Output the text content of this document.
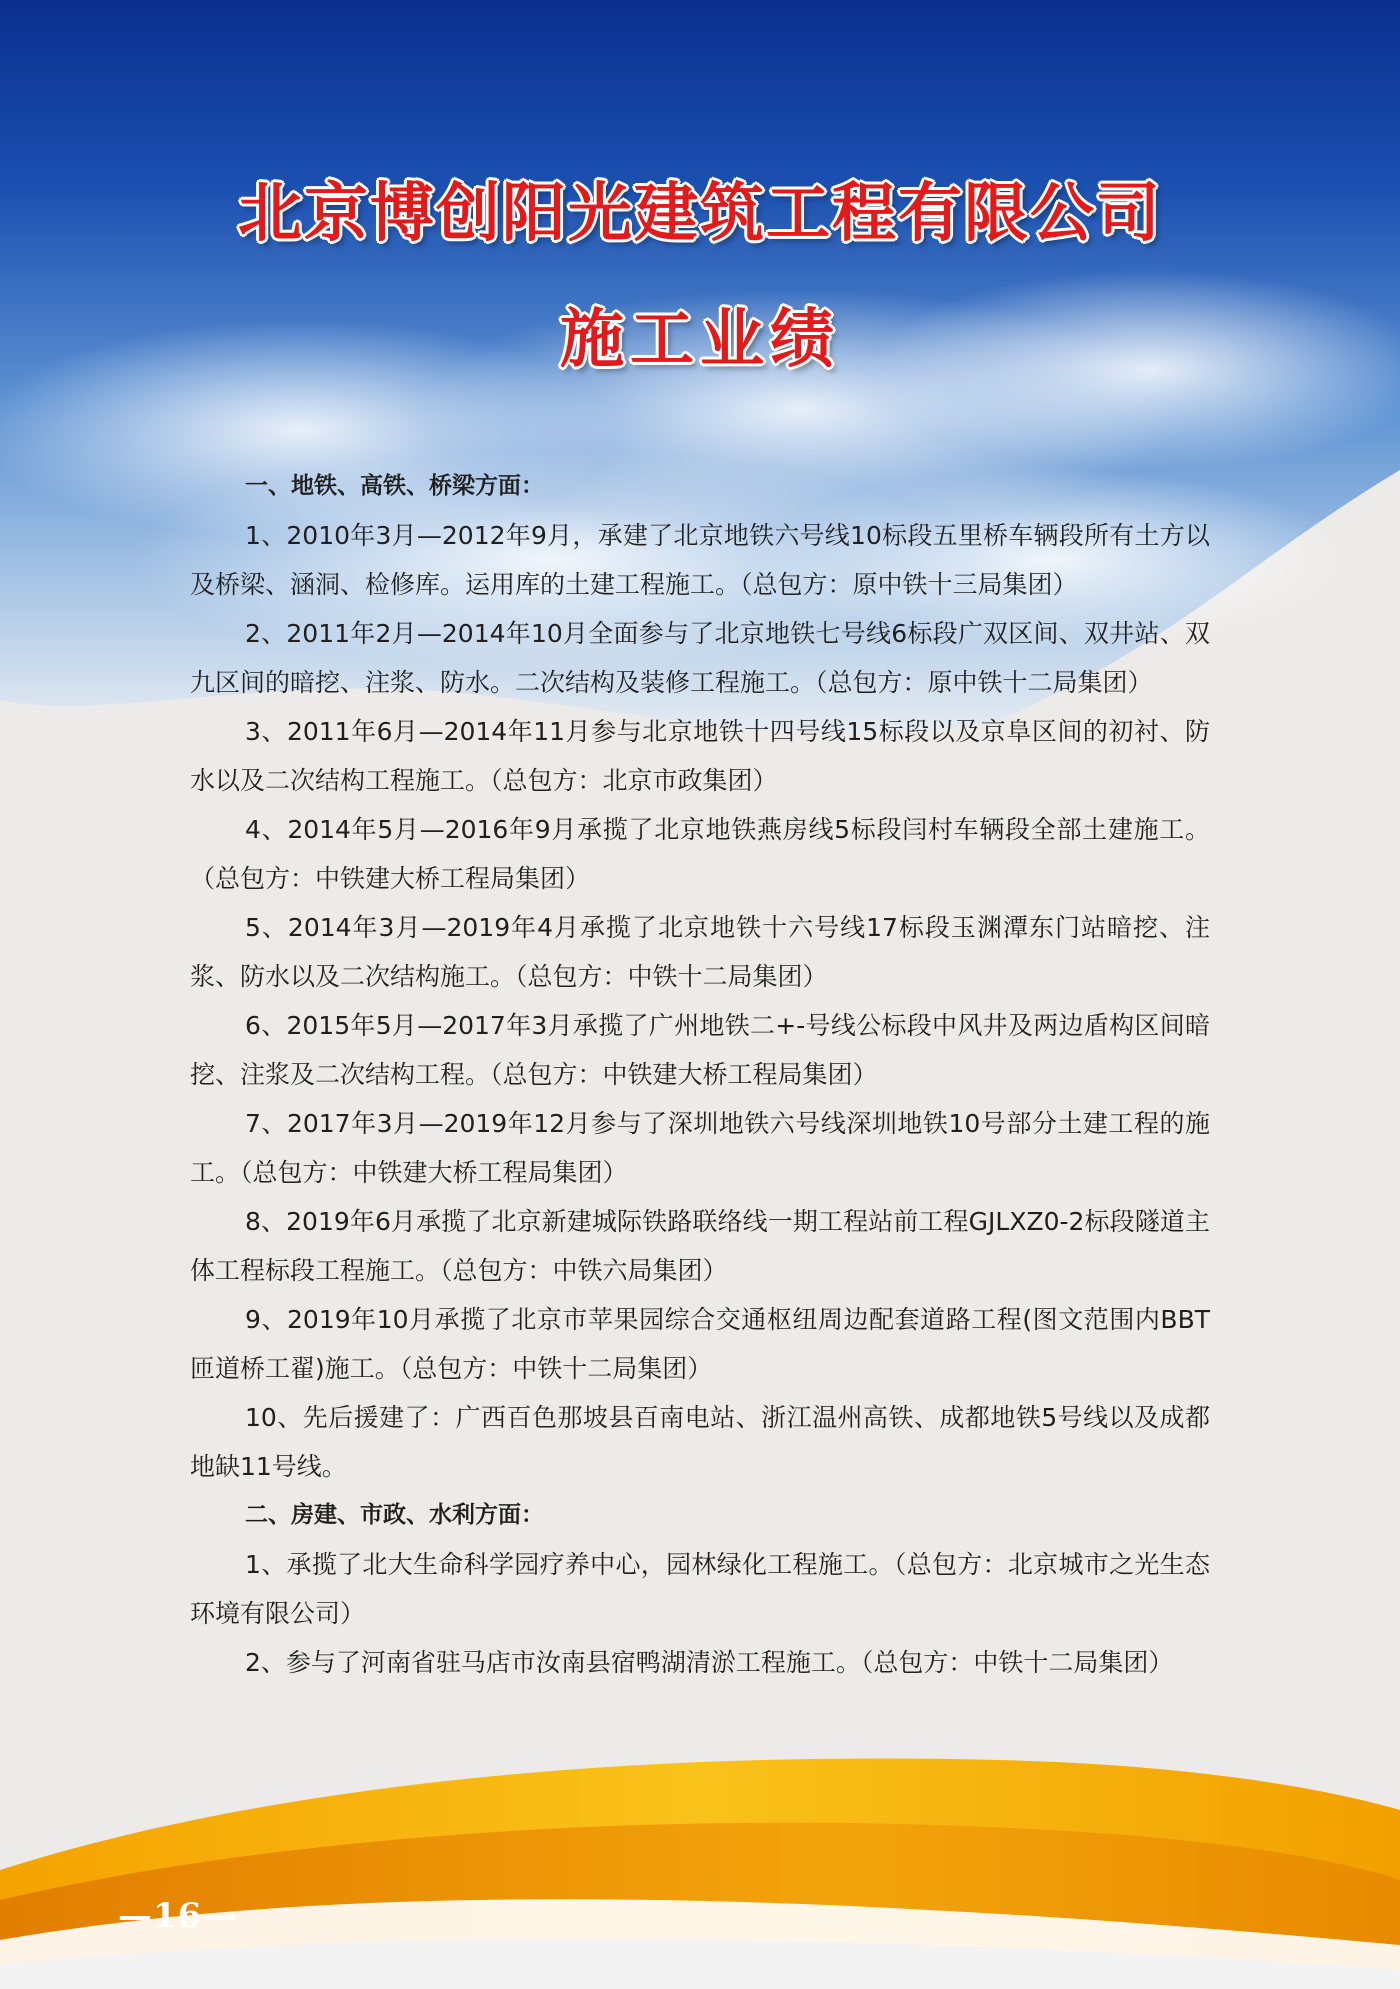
北京博创阳光建筑工程有限公司
施工业绩

一、地铁、高铁、桥梁方面：

1、2010年3月—2012年9月，承建了北京地铁六号线10标段五里桥车辆段所有土方以及桥梁、涵洞、检修库。运用库的土建工程施工。（总包方：原中铁十三局集团）

2、2011年2月—2014年10月全面参与了北京地铁七号线6标段广双区间、双井站、双九区间的暗挖、注浆、防水。二次结构及装修工程施工。（总包方：原中铁十二局集团）

3、2011年6月—2014年11月参与北京地铁十四号线15标段以及京阜区间的初衬、防水以及二次结构工程施工。（总包方：北京市政集团）

4、2014年5月—2016年9月承揽了北京地铁燕房线5标段闫村车辆段全部土建施工。（总包方：中铁建大桥工程局集团）

5、2014年3月—2019年4月承揽了北京地铁十六号线17标段玉渊潭东门站暗挖、注浆、防水以及二次结构施工。（总包方：中铁十二局集团）

6、2015年5月—2017年3月承揽了广州地铁二+-号线公标段中风井及两边盾构区间暗挖、注浆及二次结构工程。（总包方：中铁建大桥工程局集团）

7、2017年3月—2019年12月参与了深圳地铁六号线深圳地铁10号部分土建工程的施工。（总包方：中铁建大桥工程局集团）

8、2019年6月承揽了北京新建城际铁路联络线一期工程站前工程GJLXZ0-2标段隧道主体工程标段工程施工。（总包方：中铁六局集团）

9、2019年10月承揽了北京市苹果园综合交通枢纽周边配套道路工程(图文范围内BBT匝道桥工翟)施工。（总包方：中铁十二局集团）

10、先后援建了：广西百色那坡县百南电站、浙江温州高铁、成都地铁5号线以及成都地缺11号线。

二、房建、市政、水利方面：

1、承揽了北大生命科学园疗养中心，园林绿化工程施工。（总包方：北京城市之光生态环境有限公司）

2、参与了河南省驻马店市汝南县宿鸭湖清淤工程施工。（总包方：中铁十二局集团）

—16—
